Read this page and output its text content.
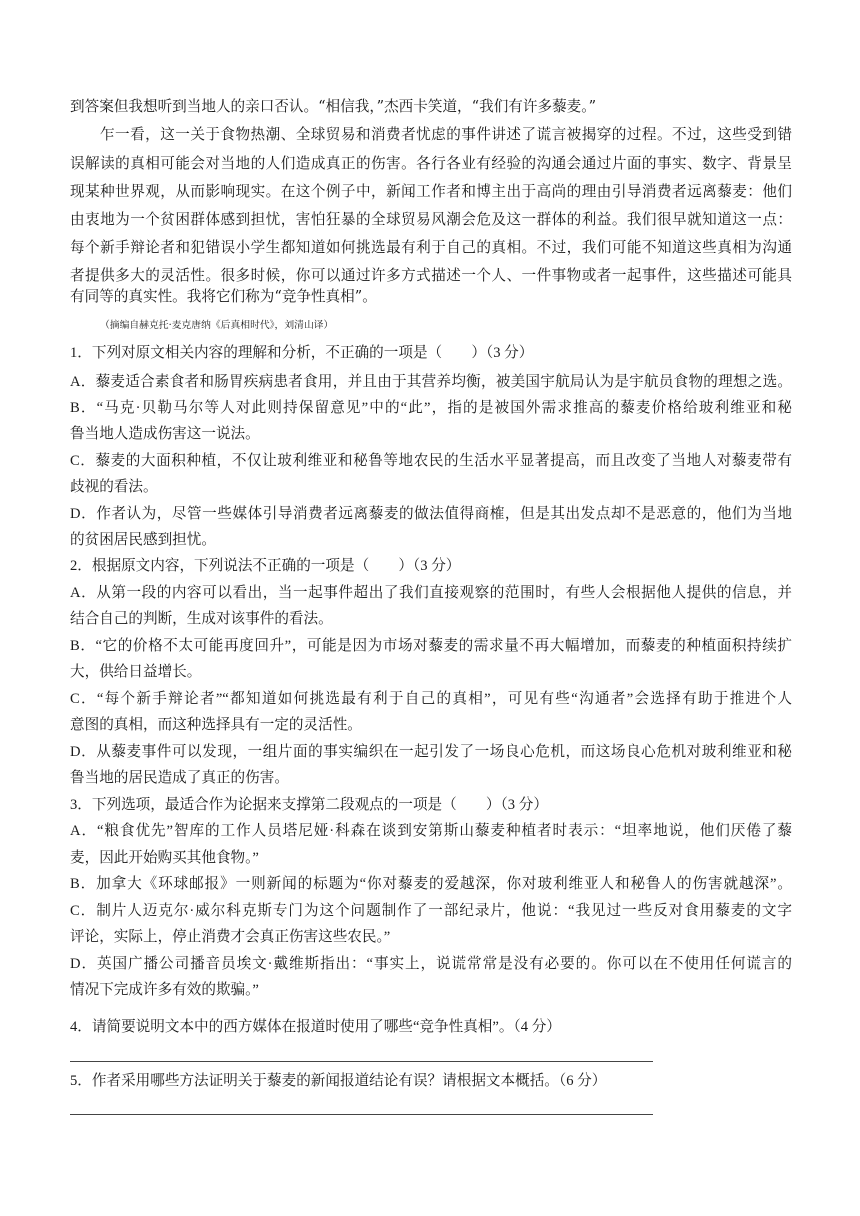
到答案但我想听到当地人的亲口否认。“相信我，”杰西卡笑道，“我们有许多藜麦。”
乍一看，这一关于食物热潮、全球贸易和消费者忧虑的事件讲述了谎言被揭穿的过程。不过，这些受到错
误解读的真相可能会对当地的人们造成真正的伤害。各行各业有经验的沟通会通过片面的事实、数字、背景呈
现某种世界观，从而影响现实。在这个例子中，新闻工作者和博主出于高尚的理由引导消费者远离藜麦：他们
由衷地为一个贫困群体感到担忧，害怕狂暴的全球贸易风潮会危及这一群体的利益。我们很早就知道这一点：
每个新手辩论者和犯错误小学生都知道如何挑选最有利于自己的真相。不过，我们可能不知道这些真相为沟通
者提供多大的灵活性。很多时候，你可以通过许多方式描述一个人、一件事物或者一起事件，这些描述可能具
有同等的真实性。我将它们称为“竞争性真相”。
（摘编自赫克托·麦克唐纳《后真相时代》，刘清山译）
1．下列对原文相关内容的理解和分析，不正确的一项是（　　）（3 分）
A．藜麦适合素食者和肠胃疾病患者食用，并且由于其营养均衡，被美国宇航局认为是宇航员食物的理想之选。
B．“马克·贝勒马尔等人对此则持保留意见”中的“此”，指的是被国外需求推高的藜麦价格给玻利维亚和秘
鲁当地人造成伤害这一说法。
C．藜麦的大面积种植，不仅让玻利维亚和秘鲁等地农民的生活水平显著提高，而且改变了当地人对藜麦带有
歧视的看法。
D．作者认为，尽管一些媒体引导消费者远离藜麦的做法值得商榷，但是其出发点却不是恶意的，他们为当地
的贫困居民感到担忧。
2．根据原文内容，下列说法不正确的一项是（　　）（3 分）
A．从第一段的内容可以看出，当一起事件超出了我们直接观察的范围时，有些人会根据他人提供的信息，并
结合自己的判断，生成对该事件的看法。
B．“它的价格不太可能再度回升”，可能是因为市场对藜麦的需求量不再大幅增加，而藜麦的种植面积持续扩
大，供给日益增长。
C．“每个新手辩论者”“都知道如何挑选最有利于自己的真相”，可见有些“沟通者”会选择有助于推进个人
意图的真相，而这种选择具有一定的灵活性。
D．从藜麦事件可以发现，一组片面的事实编织在一起引发了一场良心危机，而这场良心危机对玻利维亚和秘
鲁当地的居民造成了真正的伤害。
3．下列选项，最适合作为论据来支撑第二段观点的一项是（　　）（3 分）
A．“粮食优先”智库的工作人员塔尼娅·科森在谈到安第斯山藜麦种植者时表示：“坦率地说，他们厌倦了藜
麦，因此开始购买其他食物。”
B．加拿大《环球邮报》一则新闻的标题为“你对藜麦的爱越深，你对玻利维亚人和秘鲁人的伤害就越深”。
C．制片人迈克尔·威尔科克斯专门为这个问题制作了一部纪录片，他说：“我见过一些反对食用藜麦的文字
评论，实际上，停止消费才会真正伤害这些农民。”
D．英国广播公司播音员埃文·戴维斯指出：“事实上，说谎常常是没有必要的。你可以在不使用任何谎言的
情况下完成许多有效的欺骗。”
4．请简要说明文本中的西方媒体在报道时使用了哪些“竞争性真相”。（4 分）
5．作者采用哪些方法证明关于藜麦的新闻报道结论有误？请根据文本概括。（6 分）
